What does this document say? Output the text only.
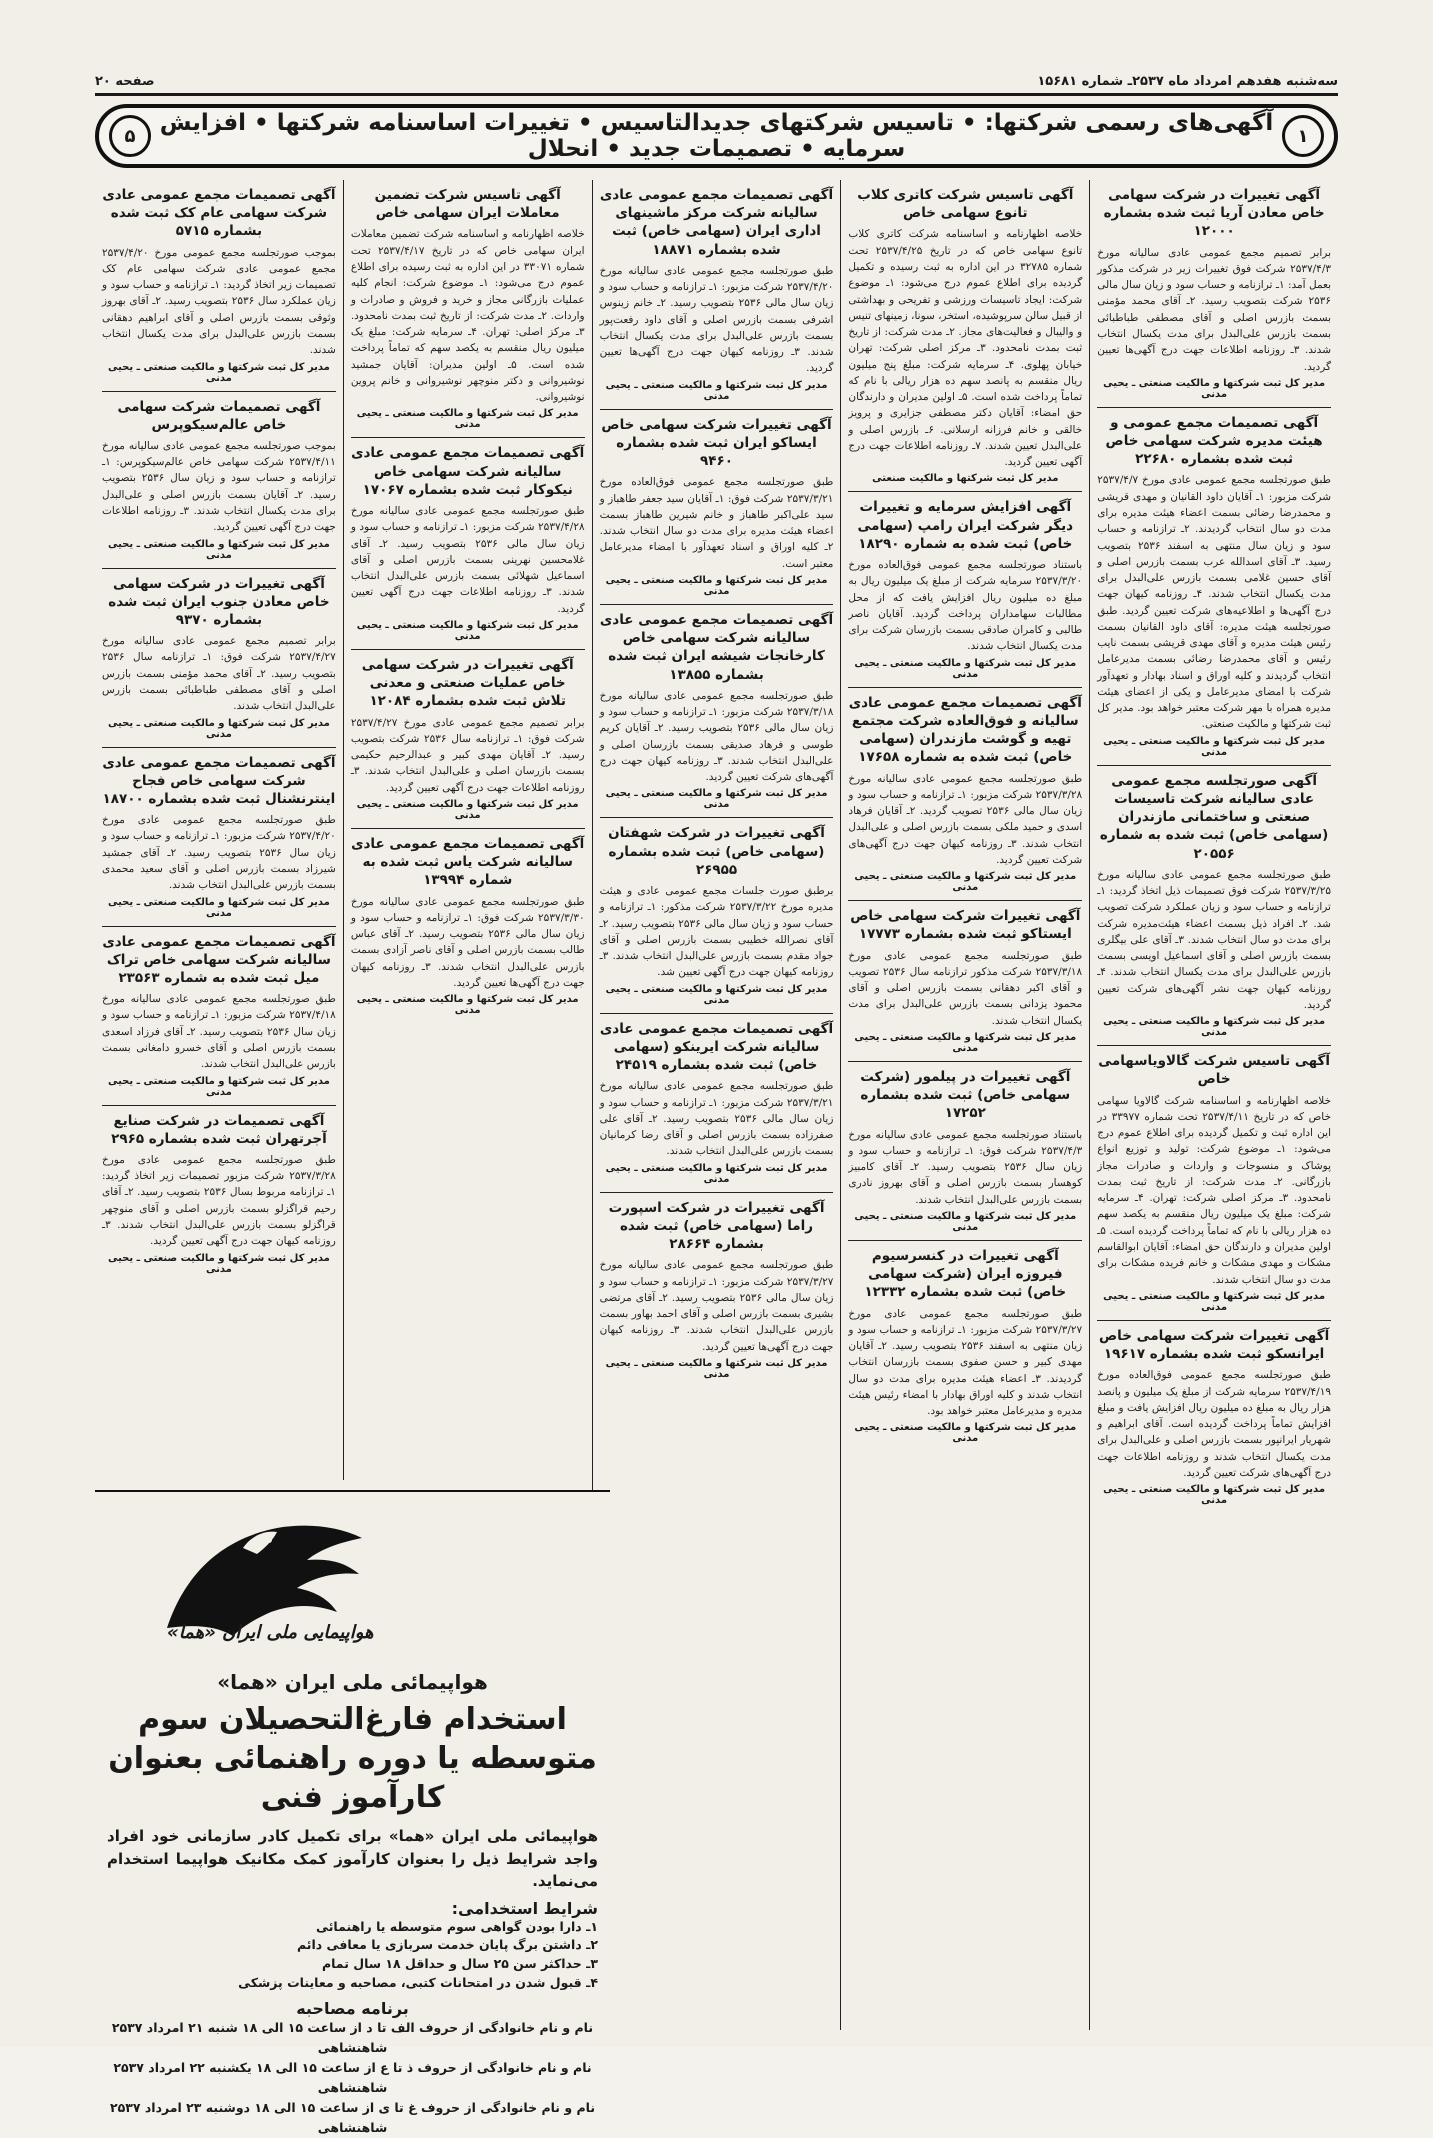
سه‌شنبه هفدهم امرداد ماه ۲۵۳۷ـ شماره ۱۵۶۸۱
صفحه ۲۰
۱
آگهی‌های رسمی شرکتها: • تاسیس شرکتهای جدیدالتاسیس • تغییرات اساسنامه شرکتها • افزایش سرمایه • تصمیمات جدید • انحلال
۵
آگهی تغییرات در شرکت سهامی خاص معادن آریا ثبت شده بشماره ۱۲۰۰۰
برابر تصمیم مجمع عمومی عادی سالیانه مورخ ۲۵۳۷/۴/۳ شرکت فوق تغییرات زیر در شرکت مذکور بعمل آمد: ۱ـ ترازنامه و حساب سود و زیان سال مالی ۲۵۳۶ شرکت بتصویب رسید. ۲ـ آقای محمد مؤمنی بسمت بازرس اصلی و آقای مصطفی طباطبائی بسمت بازرس علی‌البدل برای مدت یکسال انتخاب شدند. ۳ـ روزنامه اطلاعات جهت درج آگهی‌ها تعیین گردید.
مدیر کل ثبت شرکتها و مالکیت صنعتی ـ یحیی مدنی
آگهی تصمیمات مجمع عمومی و هیئت مدیره شرکت سهامی خاص ثبت شده بشماره ۲۲۶۸۰
طبق صورتجلسه مجمع عمومی عادی مورخ ۲۵۳۷/۴/۷ شرکت مزبور: ۱ـ آقایان داود القانیان و مهدی قریشی و محمدرضا رضائی بسمت اعضاء هیئت مدیره برای مدت دو سال انتخاب گردیدند. ۲ـ ترازنامه و حساب سود و زیان سال منتهی به اسفند ۲۵۳۶ بتصویب رسید. ۳ـ آقای اسدالله عرب بسمت بازرس اصلی و آقای حسین غلامی بسمت بازرس علی‌البدل برای مدت یکسال انتخاب شدند. ۴ـ روزنامه کیهان جهت درج آگهی‌ها و اطلاعیه‌های شرکت تعیین گردید. طبق صورتجلسه هیئت مدیره: آقای داود القانیان بسمت رئیس هیئت مدیره و آقای مهدی قریشی بسمت نایب رئیس و آقای محمدرضا رضائی بسمت مدیرعامل انتخاب گردیدند و کلیه اوراق و اسناد بهادار و تعهدآور شرکت با امضای مدیرعامل و یکی از اعضای هیئت مدیره همراه با مهر شرکت معتبر خواهد بود. مدیر کل ثبت شرکتها و مالکیت صنعتی.
مدیر کل ثبت شرکتها و مالکیت صنعتی ـ یحیی مدنی
آگهی صورتجلسه مجمع عمومی عادی سالیانه شرکت تاسیسات صنعتی و ساختمانی مازندران (سهامی خاص) ثبت شده به شماره ۲۰۵۵۶
طبق صورتجلسه مجمع عمومی عادی سالیانه مورخ ۲۵۳۷/۳/۲۵ شرکت فوق تصمیمات ذیل اتخاذ گردید: ۱ـ ترازنامه و حساب سود و زیان عملکرد شرکت تصویب شد. ۲ـ افراد ذیل بسمت اعضاء هیئت‌مدیره شرکت برای مدت دو سال انتخاب شدند. ۳ـ آقای علی بیگلری بسمت بازرس اصلی و آقای اسماعیل اویسی بسمت بازرس علی‌البدل برای مدت یکسال انتخاب شدند. ۴ـ روزنامه کیهان جهت نشر آگهی‌های شرکت تعیین گردید.
مدیر کل ثبت شرکتها و مالکیت صنعتی ـ یحیی مدنی
آگهی تاسیس شرکت گالاویاسهامی خاص
خلاصه اظهارنامه و اساسنامه شرکت گالاویا سهامی خاص که در تاریخ ۲۵۳۷/۴/۱۱ تحت شماره ۳۳۹۷۷ در این اداره ثبت و تکمیل گردیده برای اطلاع عموم درج می‌شود: ۱ـ موضوع شرکت: تولید و توزیع انواع پوشاک و منسوجات و واردات و صادرات مجاز بازرگانی. ۲ـ مدت شرکت: از تاریخ ثبت بمدت نامحدود. ۳ـ مرکز اصلی شرکت: تهران. ۴ـ سرمایه شرکت: مبلغ یک میلیون ریال منقسم به یکصد سهم ده هزار ریالی با نام که تماماً پرداخت گردیده است. ۵ـ اولین مدیران و دارندگان حق امضاء: آقایان ابوالقاسم مشکات و مهدی مشکات و خانم فریده مشکات برای مدت دو سال انتخاب شدند.
مدیر کل ثبت شرکتها و مالکیت صنعتی ـ یحیی مدنی
آگهی تغییرات شرکت سهامی خاص ایرانسکو ثبت شده بشماره ۱۹۶۱۷
طبق صورتجلسه مجمع عمومی فوق‌العاده مورخ ۲۵۳۷/۴/۱۹ سرمایه شرکت از مبلغ یک میلیون و پانصد هزار ریال به مبلغ ده میلیون ریال افزایش یافت و مبلغ افزایش تماماً پرداخت گردیده است. آقای ابراهیم و شهریار ایرانپور بسمت بازرس اصلی و علی‌البدل برای مدت یکسال انتخاب شدند و روزنامه اطلاعات جهت درج آگهی‌های شرکت تعیین گردید.
مدیر کل ثبت شرکتها و مالکیت صنعتی ـ یحیی مدنی
آگهی تاسیس شرکت کاتری کلاب تانوع سهامی خاص
خلاصه اظهارنامه و اساسنامه شرکت کاتری کلاب تانوع سهامی خاص که در تاریخ ۲۵۳۷/۴/۲۵ تحت شماره ۳۲۷۸۵ در این اداره به ثبت رسیده و تکمیل گردیده برای اطلاع عموم درج می‌شود: ۱ـ موضوع شرکت: ایجاد تاسیسات ورزشی و تفریحی و بهداشتی از قبیل سالن سرپوشیده، استخر، سونا، زمینهای تنیس و والیبال و فعالیت‌های مجاز. ۲ـ مدت شرکت: از تاریخ ثبت بمدت نامحدود. ۳ـ مرکز اصلی شرکت: تهران خیابان پهلوی. ۴ـ سرمایه شرکت: مبلغ پنج میلیون ریال منقسم به پانصد سهم ده هزار ریالی با نام که تماماً پرداخت شده است. ۵ـ اولین مدیران و دارندگان حق امضاء: آقایان دکتر مصطفی جزایری و پرویز خالقی و خانم فرزانه ارسلانی. ۶ـ بازرس اصلی و علی‌البدل تعیین شدند. ۷ـ روزنامه اطلاعات جهت درج آگهی تعیین گردید.
مدیر کل ثبت شرکتها و مالکیت صنعتی
آگهی افزایش سرمایه و تغییرات دیگر شرکت ایران رامپ (سهامی خاص) ثبت شده به شماره ۱۸۲۹۰
باستناد صورتجلسه مجمع عمومی فوق‌العاده مورخ ۲۵۳۷/۳/۲۰ سرمایه شرکت از مبلغ یک میلیون ریال به مبلغ ده میلیون ریال افزایش یافت که از محل مطالبات سهامداران پرداخت گردید. آقایان ناصر طالبی و کامران صادقی بسمت بازرسان شرکت برای مدت یکسال انتخاب شدند.
مدیر کل ثبت شرکتها و مالکیت صنعتی ـ یحیی مدنی
آگهی تصمیمات مجمع عمومی عادی سالیانه و فوق‌العاده شرکت مجتمع تهیه و گوشت مازندران (سهامی خاص) ثبت شده به شماره ۱۷۶۵۸
طبق صورتجلسه مجمع عمومی عادی سالیانه مورخ ۲۵۳۷/۳/۲۸ شرکت مزبور: ۱ـ ترازنامه و حساب سود و زیان سال مالی ۲۵۳۶ تصویب گردید. ۲ـ آقایان فرهاد اسدی و حمید ملکی بسمت بازرس اصلی و علی‌البدل انتخاب شدند. ۳ـ روزنامه کیهان جهت درج آگهی‌های شرکت تعیین گردید.
مدیر کل ثبت شرکتها و مالکیت صنعتی ـ یحیی مدنی
آگهی تغییرات شرکت سهامی خاص ایستاکو ثبت شده بشماره ۱۷۷۷۳
طبق صورتجلسه مجمع عمومی عادی مورخ ۲۵۳۷/۳/۱۸ شرکت مذکور ترازنامه سال ۲۵۳۶ تصویب و آقای اکبر دهقانی بسمت بازرس اصلی و آقای محمود یزدانی بسمت بازرس علی‌البدل برای مدت یکسال انتخاب شدند.
مدیر کل ثبت شرکتها و مالکیت صنعتی ـ یحیی مدنی
آگهی تغییرات در پیلمور (شرکت سهامی خاص) ثبت شده بشماره ۱۷۲۵۲
باستناد صورتجلسه مجمع عمومی عادی سالیانه مورخ ۲۵۳۷/۴/۳ شرکت فوق: ۱ـ ترازنامه و حساب سود و زیان سال ۲۵۳۶ بتصویب رسید. ۲ـ آقای کامبیز کوهسار بسمت بازرس اصلی و آقای بهروز نادری بسمت بازرس علی‌البدل انتخاب شدند.
مدیر کل ثبت شرکتها و مالکیت صنعتی ـ یحیی مدنی
آگهی تغییرات در کنسرسیوم فیروزه ایران (شرکت سهامی خاص) ثبت شده بشماره ۱۲۳۳۲
طبق صورتجلسه مجمع عمومی عادی مورخ ۲۵۳۷/۳/۲۷ شرکت مزبور: ۱ـ ترازنامه و حساب سود و زیان منتهی به اسفند ۲۵۳۶ بتصویب رسید. ۲ـ آقایان مهدی کبیر و حسن صفوی بسمت بازرسان انتخاب گردیدند. ۳ـ اعضاء هیئت مدیره برای مدت دو سال انتخاب شدند و کلیه اوراق بهادار با امضاء رئیس هیئت مدیره و مدیرعامل معتبر خواهد بود.
مدیر کل ثبت شرکتها و مالکیت صنعتی ـ یحیی مدنی
آگهی تصمیمات مجمع عمومی عادی سالیانه شرکت مرکز ماشینهای اداری ایران (سهامی خاص) ثبت شده بشماره ۱۸۸۷۱
طبق صورتجلسه مجمع عمومی عادی سالیانه مورخ ۲۵۳۷/۴/۲۰ شرکت مزبور: ۱ـ ترازنامه و حساب سود و زیان سال مالی ۲۵۳۶ بتصویب رسید. ۲ـ خانم زینوس اشرفی بسمت بازرس اصلی و آقای داود رفعت‌پور بسمت بازرس علی‌البدل برای مدت یکسال انتخاب شدند. ۳ـ روزنامه کیهان جهت درج آگهی‌ها تعیین گردید.
مدیر کل ثبت شرکتها و مالکیت صنعتی ـ یحیی مدنی
آگهی تغییرات شرکت سهامی خاص ایساکو ایران ثبت شده بشماره ۹۴۶۰
طبق صورتجلسه مجمع عمومی فوق‌العاده مورخ ۲۵۳۷/۳/۲۱ شرکت فوق: ۱ـ آقایان سید جعفر طاهباز و سید علی‌اکبر طاهباز و خانم شیرین طاهباز بسمت اعضاء هیئت مدیره برای مدت دو سال انتخاب شدند. ۲ـ کلیه اوراق و اسناد تعهدآور با امضاء مدیرعامل معتبر است.
مدیر کل ثبت شرکتها و مالکیت صنعتی ـ یحیی مدنی
آگهی تصمیمات مجمع عمومی عادی سالیانه شرکت سهامی خاص کارخانجات شیشه ایران ثبت شده بشماره ۱۳۸۵۵
طبق صورتجلسه مجمع عمومی عادی سالیانه مورخ ۲۵۳۷/۳/۱۸ شرکت مزبور: ۱ـ ترازنامه و حساب سود و زیان سال مالی ۲۵۳۶ بتصویب رسید. ۲ـ آقایان کریم طوسی و فرهاد صدیقی بسمت بازرسان اصلی و علی‌البدل انتخاب شدند. ۳ـ روزنامه کیهان جهت درج آگهی‌های شرکت تعیین گردید.
مدیر کل ثبت شرکتها و مالکیت صنعتی ـ یحیی مدنی
آگهی تغییرات در شرکت شهفتان (سهامی خاص) ثبت شده بشماره ۲۶۹۵۵
برطبق صورت جلسات مجمع عمومی عادی و هیئت مدیره مورخ ۲۵۳۷/۳/۲۲ شرکت مذکور: ۱ـ ترازنامه و حساب سود و زیان سال مالی ۲۵۳۶ بتصویب رسید. ۲ـ آقای نصرالله خطیبی بسمت بازرس اصلی و آقای جواد مقدم بسمت بازرس علی‌البدل انتخاب شدند. ۳ـ روزنامه کیهان جهت درج آگهی تعیین شد.
مدیر کل ثبت شرکتها و مالکیت صنعتی ـ یحیی مدنی
آگهی تصمیمات مجمع عمومی عادی سالیانه شرکت ایرینکو (سهامی خاص) ثبت شده بشماره ۲۴۵۱۹
طبق صورتجلسه مجمع عمومی عادی سالیانه مورخ ۲۵۳۷/۳/۲۱ شرکت مزبور: ۱ـ ترازنامه و حساب سود و زیان سال مالی ۲۵۳۶ بتصویب رسید. ۲ـ آقای علی صفرزاده بسمت بازرس اصلی و آقای رضا کرمانیان بسمت بازرس علی‌البدل انتخاب شدند.
مدیر کل ثبت شرکتها و مالکیت صنعتی ـ یحیی مدنی
آگهی تغییرات در شرکت اسپورت راما (سهامی خاص) ثبت شده بشماره ۲۸۶۶۴
طبق صورتجلسه مجمع عمومی عادی سالیانه مورخ ۲۵۳۷/۳/۲۷ شرکت مزبور: ۱ـ ترازنامه و حساب سود و زیان سال مالی ۲۵۳۶ بتصویب رسید. ۲ـ آقای مرتضی بشیری بسمت بازرس اصلی و آقای احمد بهاور بسمت بازرس علی‌البدل انتخاب شدند. ۳ـ روزنامه کیهان جهت درج آگهی‌ها تعیین گردید.
مدیر کل ثبت شرکتها و مالکیت صنعتی ـ یحیی مدنی
آگهی تاسیس شرکت تضمین معاملات ایران سهامی خاص
خلاصه اظهارنامه و اساسنامه شرکت تضمین معاملات ایران سهامی خاص که در تاریخ ۲۵۳۷/۴/۱۷ تحت شماره ۳۳۰۷۱ در این اداره به ثبت رسیده برای اطلاع عموم درج می‌شود: ۱ـ موضوع شرکت: انجام کلیه عملیات بازرگانی مجاز و خرید و فروش و صادرات و واردات. ۲ـ مدت شرکت: از تاریخ ثبت بمدت نامحدود. ۳ـ مرکز اصلی: تهران. ۴ـ سرمایه شرکت: مبلغ یک میلیون ریال منقسم به یکصد سهم که تماماً پرداخت شده است. ۵ـ اولین مدیران: آقایان جمشید نوشیروانی و دکتر منوچهر نوشیروانی و خانم پروین نوشیروانی.
مدیر کل ثبت شرکتها و مالکیت صنعتی ـ یحیی مدنی
آگهی تصمیمات مجمع عمومی عادی سالیانه شرکت سهامی خاص نیکوکار ثبت شده بشماره ۱۷۰۶۷
طبق صورتجلسه مجمع عمومی عادی سالیانه مورخ ۲۵۳۷/۴/۲۸ شرکت مزبور: ۱ـ ترازنامه و حساب سود و زیان سال مالی ۲۵۳۶ بتصویب رسید. ۲ـ آقای غلامحسین نهرینی بسمت بازرس اصلی و آقای اسماعیل شهلائی بسمت بازرس علی‌البدل انتخاب شدند. ۳ـ روزنامه اطلاعات جهت درج آگهی تعیین گردید.
مدیر کل ثبت شرکتها و مالکیت صنعتی ـ یحیی مدنی
آگهی تغییرات در شرکت سهامی خاص عملیات صنعتی و معدنی تلاش ثبت شده بشماره ۱۲۰۸۴
برابر تصمیم مجمع عمومی عادی مورخ ۲۵۳۷/۴/۲۷ شرکت فوق: ۱ـ ترازنامه سال ۲۵۳۶ شرکت بتصویب رسید. ۲ـ آقایان مهدی کبیر و عبدالرحیم حکیمی بسمت بازرسان اصلی و علی‌البدل انتخاب شدند. ۳ـ روزنامه اطلاعات جهت درج آگهی تعیین گردید.
مدیر کل ثبت شرکتها و مالکیت صنعتی ـ یحیی مدنی
آگهی تصمیمات مجمع عمومی عادی سالیانه شرکت یاس ثبت شده به شماره ۱۳۹۹۴
طبق صورتجلسه مجمع عمومی عادی سالیانه مورخ ۲۵۳۷/۳/۳۰ شرکت فوق: ۱ـ ترازنامه و حساب سود و زیان سال مالی ۲۵۳۶ بتصویب رسید. ۲ـ آقای عباس طالب بسمت بازرس اصلی و آقای ناصر آزادی بسمت بازرس علی‌البدل انتخاب شدند. ۳ـ روزنامه کیهان جهت درج آگهی‌ها تعیین گردید.
مدیر کل ثبت شرکتها و مالکیت صنعتی ـ یحیی مدنی
آگهی تصمیمات مجمع عمومی عادی شرکت سهامی عام کک ثبت شده بشماره ۵۷۱۵
بموجب صورتجلسه مجمع عمومی مورخ ۲۵۳۷/۴/۲۰ مجمع عمومی عادی شرکت سهامی عام کک تصمیمات زیر اتخاذ گردید: ۱ـ ترازنامه و حساب سود و زیان عملکرد سال ۲۵۳۶ بتصویب رسید. ۲ـ آقای بهروز وثوقی بسمت بازرس اصلی و آقای ابراهیم دهقانی بسمت بازرس علی‌البدل برای مدت یکسال انتخاب شدند.
مدیر کل ثبت شرکتها و مالکیت صنعتی ـ یحیی مدنی
آگهی تصمیمات شرکت سهامی خاص عالم‌سیکوپرس
بموجب صورتجلسه مجمع عمومی عادی سالیانه مورخ ۲۵۳۷/۴/۱۱ شرکت سهامی خاص عالم‌سیکوپرس: ۱ـ ترازنامه و حساب سود و زیان سال ۲۵۳۶ بتصویب رسید. ۲ـ آقایان بسمت بازرس اصلی و علی‌البدل برای مدت یکسال انتخاب شدند. ۳ـ روزنامه اطلاعات جهت درج آگهی تعیین گردید.
مدیر کل ثبت شرکتها و مالکیت صنعتی ـ یحیی مدنی
آگهی تغییرات در شرکت سهامی خاص معادن جنوب ایران ثبت شده بشماره ۹۳۷۰
برابر تصمیم مجمع عمومی عادی سالیانه مورخ ۲۵۳۷/۴/۲۷ شرکت فوق: ۱ـ ترازنامه سال ۲۵۳۶ بتصویب رسید. ۲ـ آقای محمد مؤمنی بسمت بازرس اصلی و آقای مصطفی طباطبائی بسمت بازرس علی‌البدل انتخاب شدند.
مدیر کل ثبت شرکتها و مالکیت صنعتی ـ یحیی مدنی
آگهی تصمیمات مجمع عمومی عادی شرکت سهامی خاص فجاح اینترنشنال ثبت شده بشماره ۱۸۷۰۰
طبق صورتجلسه مجمع عمومی عادی مورخ ۲۵۳۷/۴/۲۰ شرکت مزبور: ۱ـ ترازنامه و حساب سود و زیان سال ۲۵۳۶ بتصویب رسید. ۲ـ آقای جمشید شیرزاد بسمت بازرس اصلی و آقای سعید محمدی بسمت بازرس علی‌البدل انتخاب شدند.
مدیر کل ثبت شرکتها و مالکیت صنعتی ـ یحیی مدنی
آگهی تصمیمات مجمع عمومی عادی سالیانه شرکت سهامی خاص تراک میل ثبت شده به شماره ۲۳۵۶۳
طبق صورتجلسه مجمع عمومی عادی سالیانه مورخ ۲۵۳۷/۴/۱۸ شرکت مزبور: ۱ـ ترازنامه و حساب سود و زیان سال ۲۵۳۶ بتصویب رسید. ۲ـ آقای فرزاد اسعدی بسمت بازرس اصلی و آقای خسرو دامغانی بسمت بازرس علی‌البدل انتخاب شدند.
مدیر کل ثبت شرکتها و مالکیت صنعتی ـ یحیی مدنی
آگهی تصمیمات در شرکت صنایع آجرتهران ثبت شده بشماره ۲۹۶۵
طبق صورتجلسه مجمع عمومی عادی مورخ ۲۵۳۷/۳/۲۸ شرکت مزبور تصمیمات زیر اتخاذ گردید: ۱ـ ترازنامه مربوط بسال ۲۵۳۶ بتصویب رسید. ۲ـ آقای رحیم قراگزلو بسمت بازرس اصلی و آقای منوچهر قراگزلو بسمت بازرس علی‌البدل انتخاب شدند. ۳ـ روزنامه کیهان جهت درج آگهی تعیین گردید.
مدیر کل ثبت شرکتها و مالکیت صنعتی ـ یحیی مدنی
هواپیمایی ملی ایران «هما»
هواپیمائی ملی ایران «هما»
استخدام فارغ‌التحصیلان سوم متوسطه یا دوره راهنمائی بعنوان کارآموز فنی
هواپیمائی ملی ایران «هما» برای تکمیل کادر سازمانی خود افراد واجد شرایط ذیل را بعنوان کارآموز کمک مکانیک هواپیما استخدام می‌نماید.
شرایط استخدامی:
۱ـ دارا بودن گواهی سوم متوسطه یا راهنمائی
۲ـ داشتن برگ پایان خدمت سربازی یا معافی دائم
۳ـ حداکثر سن ۲۵ سال و حداقل ۱۸ سال تمام
۴ـ قبول شدن در امتحانات کتبی، مصاحبه و معاینات پزشکی
برنامه مصاحبه
نام و نام خانوادگی از حروف الف تا د از ساعت ۱۵ الی ۱۸ شنبه ۲۱ امرداد ۲۵۳۷ شاهنشاهی
نام و نام خانوادگی از حروف ذ تا ع از ساعت ۱۵ الی ۱۸ یکشنبه ۲۲ امرداد ۲۵۳۷ شاهنشاهی
نام و نام خانوادگی از حروف غ تا ی از ساعت ۱۵ الی ۱۸ دوشنبه ۲۳ امرداد ۲۵۳۷ شاهنشاهی
